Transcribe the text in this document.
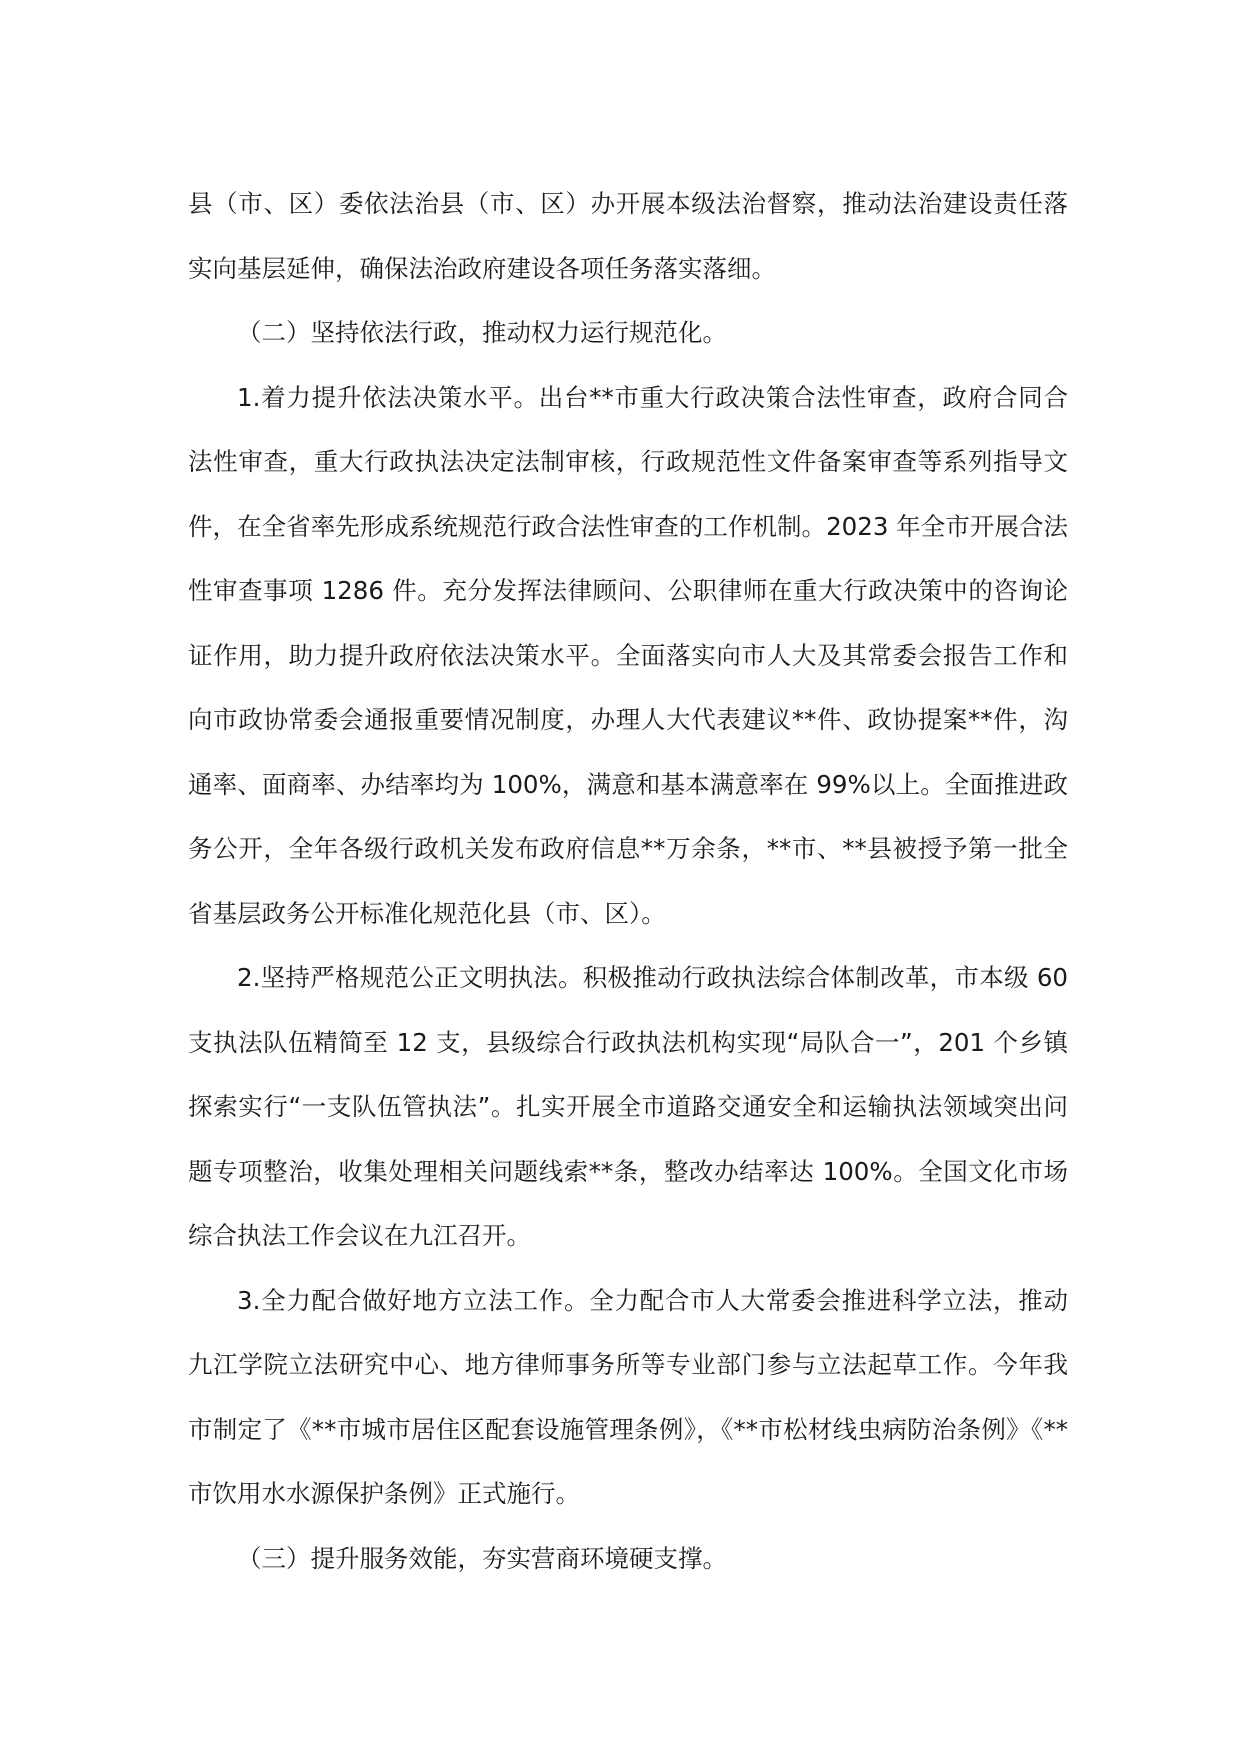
县（市、区）委依法治县（市、区）办开展本级法治督察，推动法治建设责任落实向基层延伸，确保法治政府建设各项任务落实落细。

（二）坚持依法行政，推动权力运行规范化。

1.着力提升依法决策水平。出台**市重大行政决策合法性审查，政府合同合法性审查，重大行政执法决定法制审核，行政规范性文件备案审查等系列指导文件，在全省率先形成系统规范行政合法性审查的工作机制。2023 年全市开展合法性审查事项 1286 件。充分发挥法律顾问、公职律师在重大行政决策中的咨询论证作用，助力提升政府依法决策水平。全面落实向市人大及其常委会报告工作和向市政协常委会通报重要情况制度，办理人大代表建议**件、政协提案**件，沟通率、面商率、办结率均为 100%，满意和基本满意率在 99%以上。全面推进政务公开，全年各级行政机关发布政府信息**万余条，**市、**县被授予第一批全省基层政务公开标准化规范化县（市、区）。

2.坚持严格规范公正文明执法。积极推动行政执法综合体制改革，市本级 60 支执法队伍精简至 12 支，县级综合行政执法机构实现“局队合一”，201 个乡镇探索实行“一支队伍管执法”。扎实开展全市道路交通安全和运输执法领域突出问题专项整治，收集处理相关问题线索**条，整改办结率达 100%。全国文化市场综合执法工作会议在九江召开。

3.全力配合做好地方立法工作。全力配合市人大常委会推进科学立法，推动九江学院立法研究中心、地方律师事务所等专业部门参与立法起草工作。今年我市制定了《**市城市居住区配套设施管理条例》，《**市松材线虫病防治条例》《**市饮用水水源保护条例》正式施行。

（三）提升服务效能，夯实营商环境硬支撑。
